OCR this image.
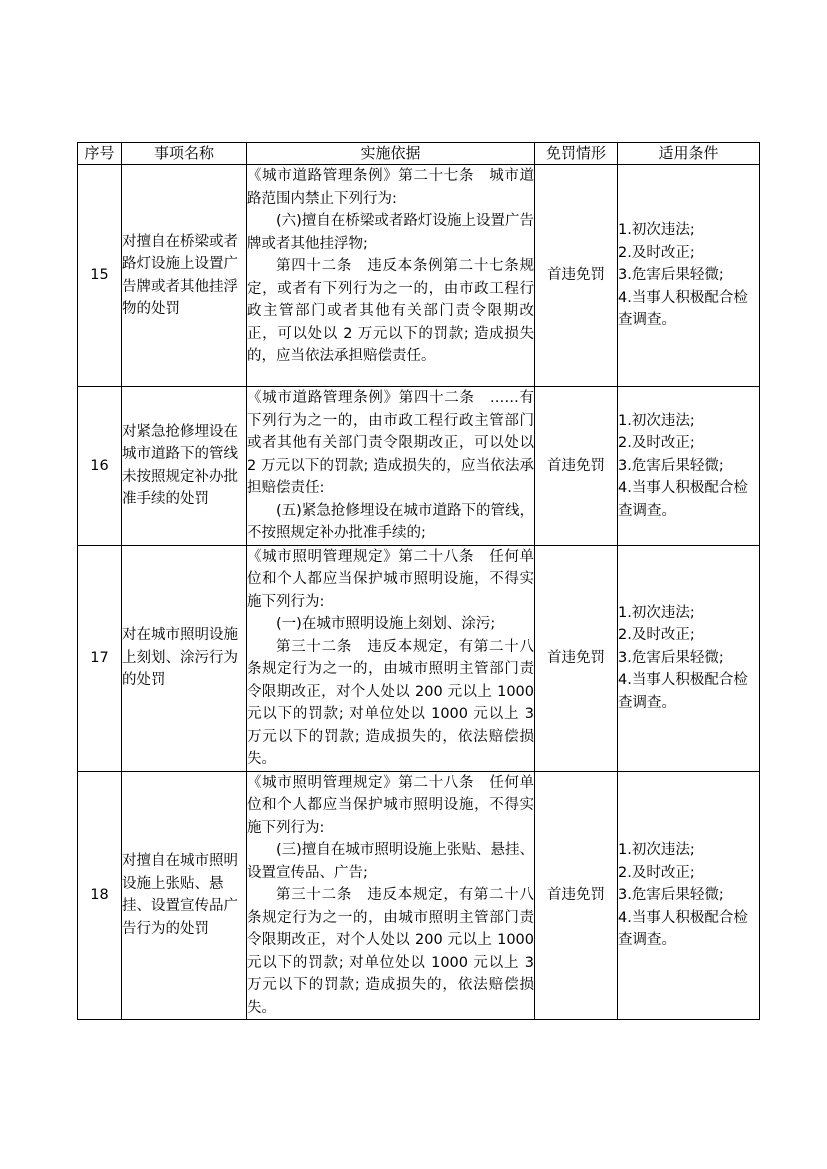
序号	事项名称	实施依据	免罚情形	适用条件
15	对擅自在桥梁或者路灯设施上设置广告牌或者其他挂浮物的处罚	《城市道路管理条例》第二十七条　城市道路范围内禁止下列行为:
(六)擅自在桥梁或者路灯设施上设置广告牌或者其他挂浮物;
第四十二条　违反本条例第二十七条规定，或者有下列行为之一的，由市政工程行政主管部门或者其他有关部门责令限期改正，可以处以 2 万元以下的罚款; 造成损失的，应当依法承担赔偿责任。	首违免罚	1.初次违法;
2.及时改正;
3.危害后果轻微;
4.当事人积极配合检查调查。

16	对紧急抢修埋设在城市道路下的管线未按照规定补办批准手续的处罚	《城市道路管理条例》第四十二条　……有下列行为之一的，由市政工程行政主管部门或者其他有关部门责令限期改正，可以处以 2 万元以下的罚款; 造成损失的，应当依法承担赔偿责任:
(五)紧急抢修埋设在城市道路下的管线，不按照规定补办批准手续的;	首违免罚	1.初次违法;
2.及时改正;
3.危害后果轻微;
4.当事人积极配合检查调查。

17	对在城市照明设施上刻划、涂污行为的处罚	《城市照明管理规定》第二十八条　任何单位和个人都应当保护城市照明设施，不得实施下列行为:
(一)在城市照明设施上刻划、涂污;
第三十二条　违反本规定，有第二十八条规定行为之一的，由城市照明主管部门责令限期改正，对个人处以 200 元以上 1000 元以下的罚款; 对单位处以 1000 元以上 3 万元以下的罚款; 造成损失的，依法赔偿损失。	首违免罚	1.初次违法;
2.及时改正;
3.危害后果轻微;
4.当事人积极配合检查调查。

18	对擅自在城市照明设施上张贴、悬挂、设置宣传品广告行为的处罚	《城市照明管理规定》第二十八条　任何单位和个人都应当保护城市照明设施，不得实施下列行为:
(三)擅自在城市照明设施上张贴、悬挂、设置宣传品、广告;
第三十二条　违反本规定，有第二十八条规定行为之一的，由城市照明主管部门责令限期改正，对个人处以 200 元以上 1000 元以下的罚款; 对单位处以 1000 元以上 3 万元以下的罚款; 造成损失的，依法赔偿损失。	首违免罚	1.初次违法;
2.及时改正;
3.危害后果轻微;
4.当事人积极配合检查调查。
